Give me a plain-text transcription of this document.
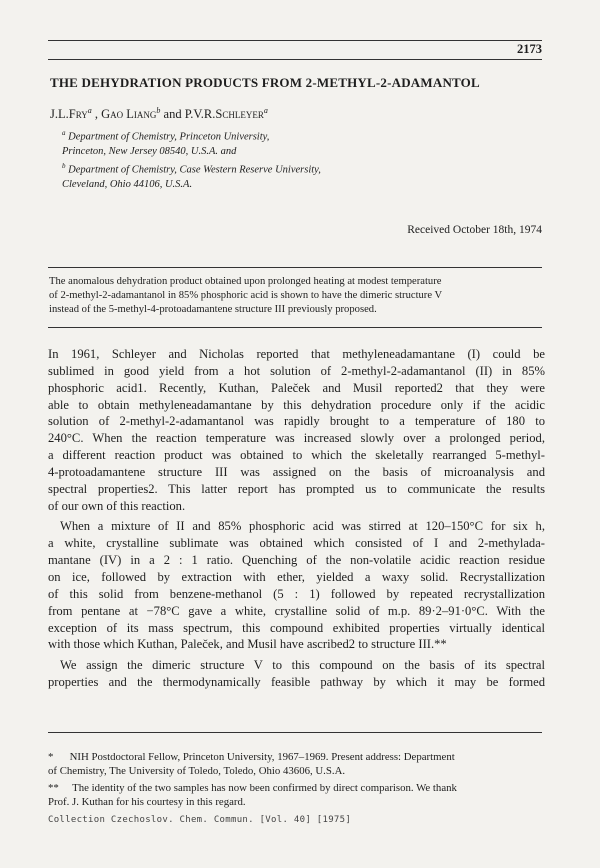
2173
THE DEHYDRATION PRODUCTS FROM 2-METHYL-2-ADAMANTOL
J.L.Fry$^a$ , Gao Liang$^b$ and P.V.R.Schleyer$^a$
$^a$ Department of Chemistry, Princeton University,
Princeton, New Jersey 08540, U.S.A. and
$^b$ Department of Chemistry, Case Western Reserve University,
Cleveland, Ohio 44106, U.S.A.
Received October 18th, 1974
The anomalous dehydration product obtained upon prolonged heating at modest temperature
of 2-methyl-2-adamantanol in 85% phosphoric acid is shown to have the dimeric structure V
instead of the 5-methyl-4-protoadamantene structure III previously proposed.
In 1961, Schleyer and Nicholas reported that methyleneadamantane (I) could be
sublimed in good yield from a hot solution of 2-methyl-2-adamantanol (II) in 85%
phosphoric acid1. Recently, Kuthan, Paleček and Musil reported2 that they were
able to obtain methyleneadamantane by this dehydration procedure only if the acidic
solution of 2-methyl-2-adamantanol was rapidly brought to a temperature of 180 to
240°C. When the reaction temperature was increased slowly over a prolonged period,
a different reaction product was obtained to which the skeletally rearranged 5-methyl-
4-protoadamantene structure III was assigned on the basis of microanalysis and
spectral properties2. This latter report has prompted us to communicate the results
of our own of this reaction.
When a mixture of II and 85% phosphoric acid was stirred at 120–150°C for six h,
a white, crystalline sublimate was obtained which consisted of I and 2-methylada-
mantane (IV) in a 2 : 1 ratio. Quenching of the non-volatile acidic reaction residue
on ice, followed by extraction with ether, yielded a waxy solid. Recrystallization
of this solid from benzene-methanol (5 : 1) followed by repeated recrystallization
from pentane at −78°C gave a white, crystalline solid of m.p. 89·2–91·0°C. With the
exception of its mass spectrum, this compound exhibited properties virtually identical
with those which Kuthan, Paleček, and Musil have ascribed2 to structure III.**
We assign the dimeric structure V to this compound on the basis of its spectral
properties and the thermodynamically feasible pathway by which it may be formed
*      NIH Postdoctoral Fellow, Princeton University, 1967–1969. Present address: Department
of Chemistry, The University of Toledo, Toledo, Ohio 43606, U.S.A.
**     The identity of the two samples has now been confirmed by direct comparison. We thank
Prof. J. Kuthan for his courtesy in this regard.
Collection Czechoslov. Chem. Commun. [Vol. 40] [1975]
